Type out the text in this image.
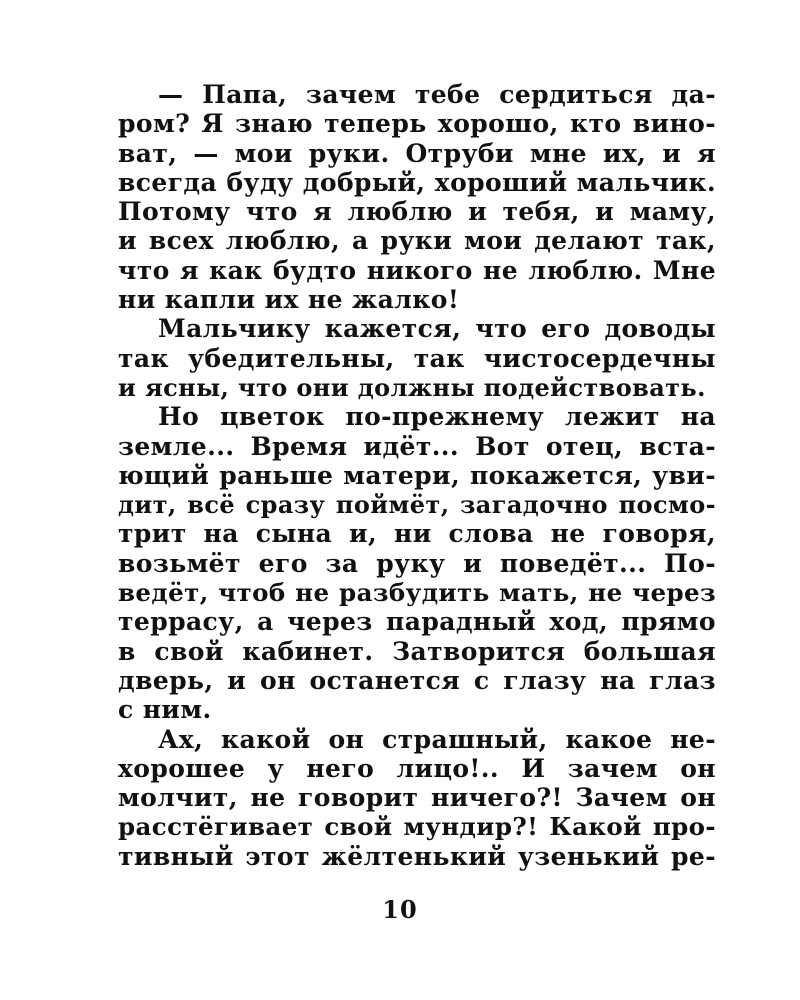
— Папа, зачем тебе сердиться да-
ром? Я знаю теперь хорошо, кто вино-
ват, — мои руки. Отруби мне их, и я
всегда буду добрый, хороший мальчик.
Потому что я люблю и тебя, и маму,
и всех люблю, а руки мои делают так,
что я как будто никого не люблю. Мне
ни капли их не жалко!
Мальчику кажется, что его доводы
так убедительны, так чистосердечны
и ясны, что они должны подействовать.
Но цветок по-прежнему лежит на
земле... Время идёт... Вот отец, вста-
ющий раньше матери, покажется, уви-
дит, всё сразу поймёт, загадочно посмо-
трит на сына и, ни слова не говоря,
возьмёт его за руку и поведёт... По-
ведёт, чтоб не разбудить мать, не через
террасу, а через парадный ход, прямо
в свой кабинет. Затворится большая
дверь, и он останется с глазу на глаз
с ним.
Ах, какой он страшный, какое не-
хорошее у него лицо!.. И зачем он
молчит, не говорит ничего?! Зачем он
расстёгивает свой мундир?! Какой про-
тивный этот жёлтенький узенький ре-
10
